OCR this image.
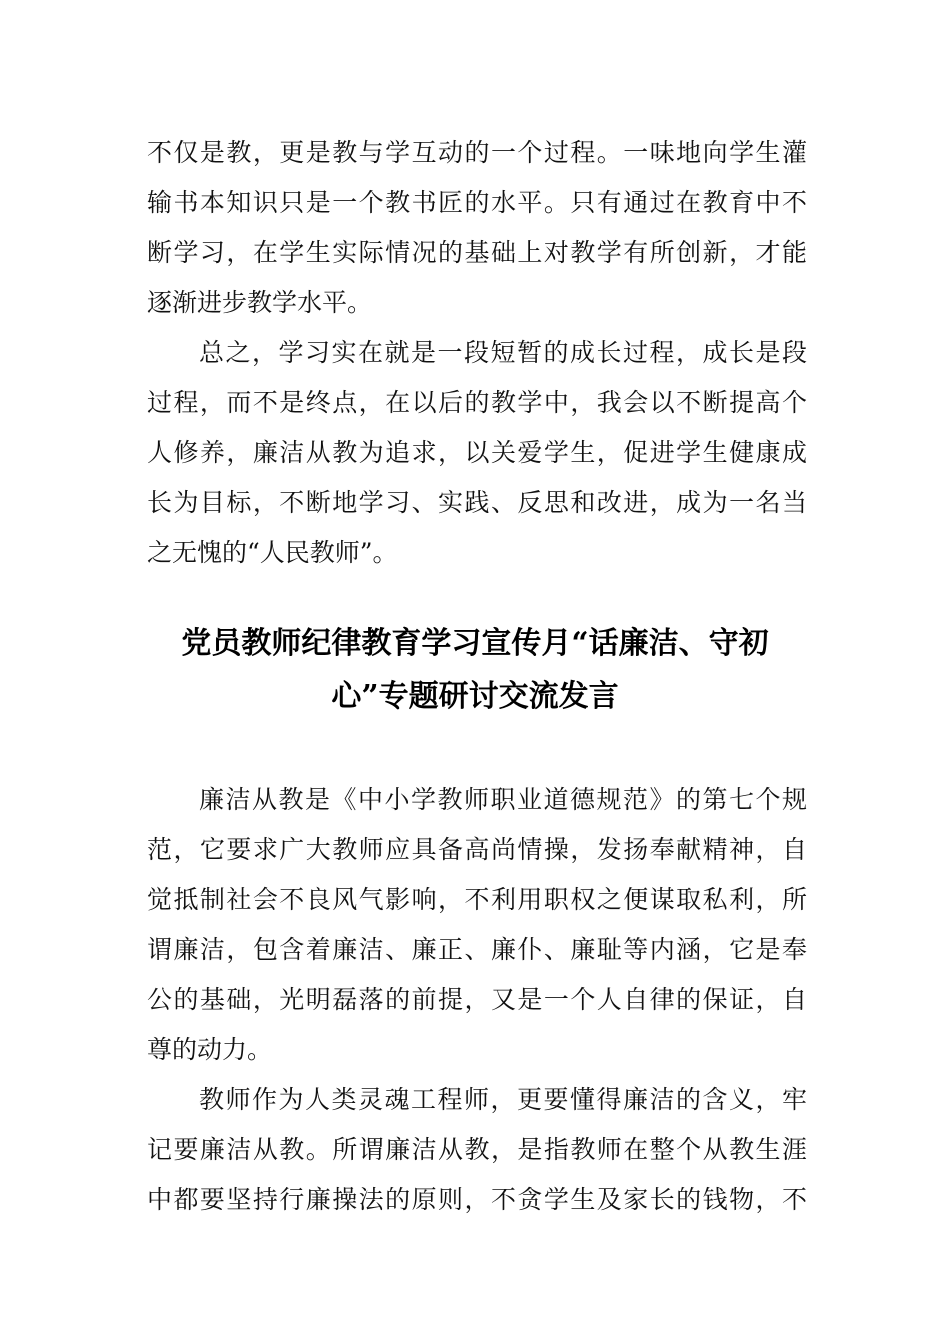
不仅是教，更是教与学互动的一个过程。一味地向学生灌
输书本知识只是一个教书匠的水平。只有通过在教育中不
断学习，在学生实际情况的基础上对教学有所创新，才能
逐渐进步教学水平。
总之，学习实在就是一段短暂的成长过程，成长是段
过程，而不是终点，在以后的教学中，我会以不断提高个
人修养，廉洁从教为追求，以关爱学生，促进学生健康成
长为目标，不断地学习、实践、反思和改进，成为一名当
之无愧的“人民教师”。
党员教师纪律教育学习宣传月“话廉洁、守初
心”专题研讨交流发言
廉洁从教是《中小学教师职业道德规范》的第七个规
范，它要求广大教师应具备高尚情操，发扬奉献精神，自
觉抵制社会不良风气影响，不利用职权之便谋取私利，所
谓廉洁，包含着廉洁、廉正、廉仆、廉耻等内涵，它是奉
公的基础，光明磊落的前提，又是一个人自律的保证，自
尊的动力。
教师作为人类灵魂工程师，更要懂得廉洁的含义，牢
记要廉洁从教。所谓廉洁从教，是指教师在整个从教生涯
中都要坚持行廉操法的原则，不贪学生及家长的钱物，不
